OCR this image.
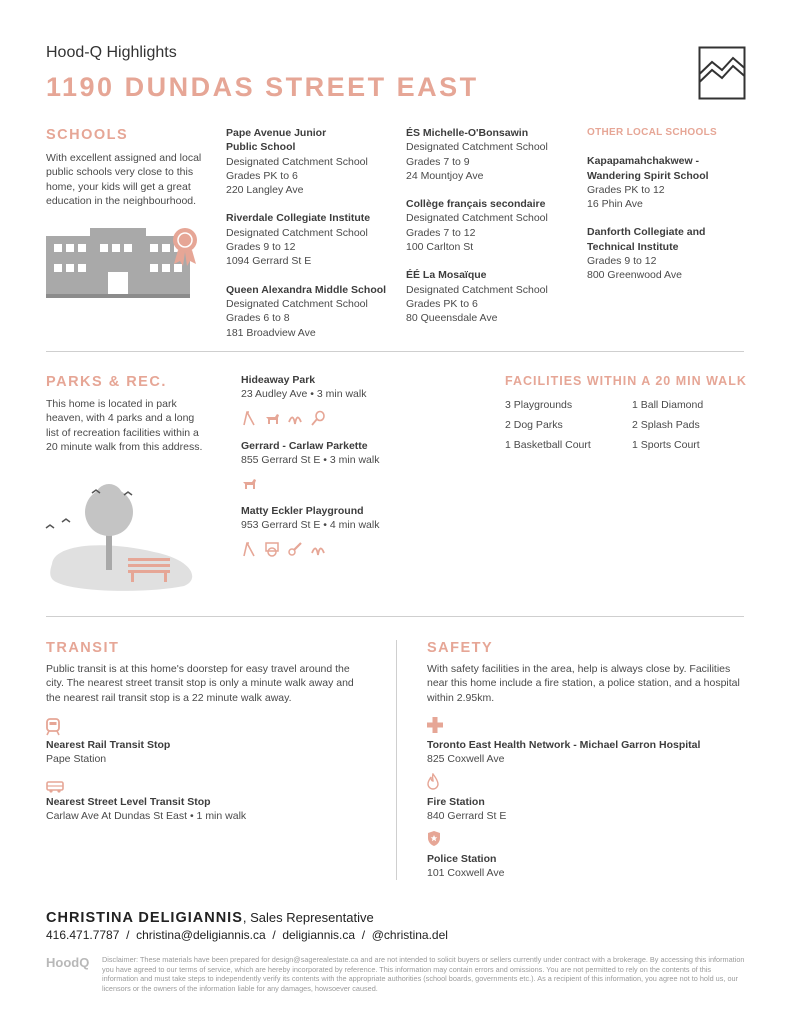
Hood-Q Highlights
1190 DUNDAS STREET EAST
SCHOOLS
With excellent assigned and local public schools very close to this home, your kids will get a great education in the neighbourhood.
Pape Avenue Junior
Public School
Designated Catchment School
Grades PK to 6
220 Langley Ave
Riverdale Collegiate Institute
Designated Catchment School
Grades 9 to 12
1094 Gerrard St E
Queen Alexandra Middle School
Designated Catchment School
Grades 6 to 8
181 Broadview Ave
ÉS Michelle-O'Bonsawin
Designated Catchment School
Grades 7 to 9
24 Mountjoy Ave
Collège français secondaire
Designated Catchment School
Grades 7 to 12
100 Carlton St
ÉÉ La Mosaïque
Designated Catchment School
Grades PK to 6
80 Queensdale Ave
OTHER LOCAL SCHOOLS
Kapapamahchakwew -
Wandering Spirit School
Grades PK to 12
16 Phin Ave
Danforth Collegiate and
Technical Institute
Grades 9 to 12
800 Greenwood Ave
PARKS & REC.
This home is located in park heaven, with 4 parks and a long list of recreation facilities within a 20 minute walk from this address.
Hideaway Park
23 Audley Ave • 3 min walk
Gerrard - Carlaw Parkette
855 Gerrard St E • 3 min walk
Matty Eckler Playground
953 Gerrard St E • 4 min walk
FACILITIES WITHIN A 20 MIN WALK
3 Playgrounds
2 Dog Parks
1 Basketball Court
1 Ball Diamond
2 Splash Pads
1 Sports Court
TRANSIT
Public transit is at this home's doorstep for easy travel around the city. The nearest street transit stop is only a minute walk away and the nearest rail transit stop is a 22 minute walk away.
Nearest Rail Transit Stop
Pape Station
Nearest Street Level Transit Stop
Carlaw Ave At Dundas St East • 1 min walk
SAFETY
With safety facilities in the area, help is always close by. Facilities near this home include a fire station, a police station, and a hospital within 2.95km.
Toronto East Health Network - Michael Garron Hospital
825 Coxwell Ave
Fire Station
840 Gerrard St E
Police Station
101 Coxwell Ave
CHRISTINA DELIGIANNIS, Sales Representative
416.471.7787  /  christina@deligiannis.ca  /  deligiannis.ca  /  @christina.del
HoodQ Disclaimer: These materials have been prepared for design@sagerealestate.ca and are not intended to solicit buyers or sellers currently under contract with a brokerage. By accessing this information you have agreed to our terms of service, which are hereby incorporated by reference. This information may contain errors and omissions. You are not permitted to rely on the contents of this information and must take steps to independently verify its contents with the appropriate authorities (school boards, governments etc.). As a recipient of this information, you agree not to hold us, our licensors or the owners of the information liable for any damages, howsoever caused.
